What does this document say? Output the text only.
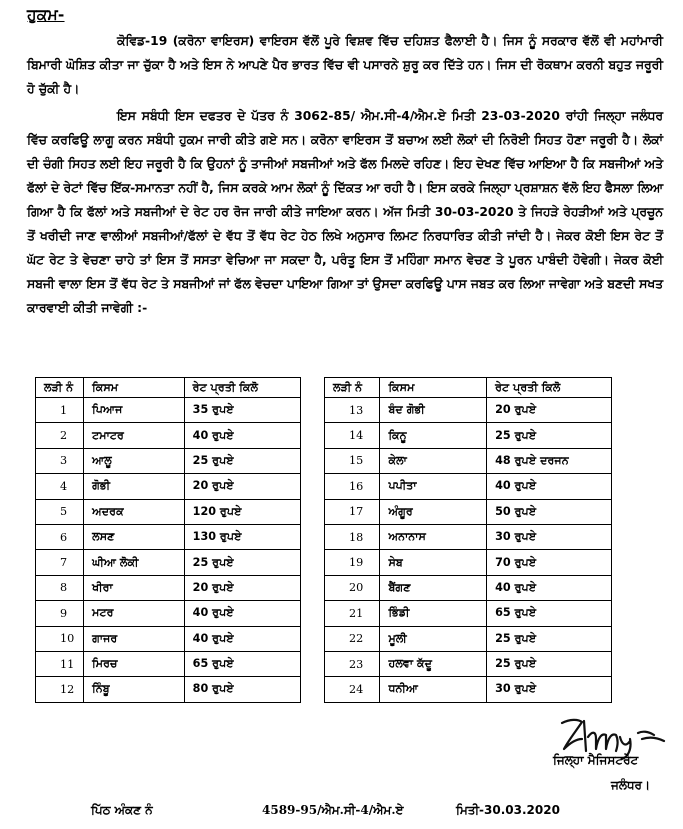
ਹੁਕਮ-
ਕੋਵਿਡ-19 (ਕਰੋਨਾ ਵਾਇਰਸ) ਵਾਇਰਸ ਵੱਲੋਂ ਪੂਰੇ ਵਿਸ਼ਵ ਵਿੱਚ ਦਹਿਸ਼ਤ ਫੈਲਾਈ ਹੈ। ਜਿਸ ਨੂੰ ਸਰਕਾਰ ਵੱਲੋਂ ਵੀ ਮਹਾਂਮਾਰੀ ਬਿਮਾਰੀ ਘੋਸ਼ਿਤ ਕੀਤਾ ਜਾ ਚੁੱਕਾ ਹੈ ਅਤੇ ਇਸ ਨੇ ਆਪਣੇ ਪੈਰ ਭਾਰਤ ਵਿੱਚ ਵੀ ਪਸਾਰਨੇ ਸ਼ੁਰੂ ਕਰ ਦਿੱਤੇ ਹਨ। ਜਿਸ ਦੀ ਰੋਕਥਾਮ ਕਰਨੀ ਬਹੁਤ ਜਰੂਰੀ ਹੋ ਚੁੱਕੀ ਹੈ।
ਇਸ ਸਬੰਧੀ ਇਸ ਦਫਤਰ ਦੇ ਪੱਤਰ ਨੰ 3062-85/ ਐਮ.ਸੀ-4/ਐਮ.ਏ ਮਿਤੀ 23-03-2020 ਰਾਂਹੀ ਜਿਲ੍ਹਾ ਜਲੰਧਰ ਵਿੱਚ ਕਰਫਿਊ ਲਾਗੂ ਕਰਨ ਸਬੰਧੀ ਹੁਕਮ ਜਾਰੀ ਕੀਤੇ ਗਏ ਸਨ। ਕਰੋਨਾ ਵਾਇਰਸ ਤੋਂ ਬਚਾਅ ਲਈ ਲੋਕਾਂ ਦੀ ਨਿਰੋਈ ਸਿਹਤ ਹੋਣਾ ਜਰੂਰੀ ਹੈ। ਲੋਕਾਂ ਦੀ ਚੰਗੀ ਸਿਹਤ ਲਈ ਇਹ ਜਰੂਰੀ ਹੈ ਕਿ ਉਹਨਾਂ ਨੂੰ ਤਾਜੀਆਂ ਸਬਜੀਆਂ ਅਤੇ ਫੱਲ ਮਿਲਦੇ ਰਹਿਣ। ਇਹ ਦੇਖਣ ਵਿੱਚ ਆਇਆ ਹੈ ਕਿ ਸਬਜੀਆਂ ਅਤੇ ਫੱਲਾਂ ਦੇ ਰੇਟਾਂ ਵਿੱਚ ਇੱਕ-ਸਮਾਨਤਾ ਨਹੀਂ ਹੈ, ਜਿਸ ਕਰਕੇ ਆਮ ਲੋਕਾਂ ਨੂੰ ਦਿੱਕਤ ਆ ਰਹੀ ਹੈ। ਇਸ ਕਰਕੇ ਜਿਲ੍ਹਾ ਪ੍ਰਸ਼ਾਸ਼ਨ ਵੱਲੋ ਇਹ ਫੈਸਲਾ ਲਿਆ ਗਿਆ ਹੈ ਕਿ ਫੱਲਾਂ ਅਤੇ ਸਬਜੀਆਂ ਦੇ ਰੇਟ ਹਰ ਰੋਜ ਜਾਰੀ ਕੀਤੇ ਜਾਇਆ ਕਰਨ। ਅੱਜ ਮਿਤੀ 30-03-2020 ਤੇ ਜਿਹੜੇ ਰੇਹੜੀਆਂ ਅਤੇ ਪ੍ਰਚੂਨ ਤੋਂ ਖਰੀਦੀ ਜਾਣ ਵਾਲੀਆਂ ਸਬਜੀਆਂ/ਫੱਲਾਂ ਦੇ ਵੱਧ ਤੋਂ ਵੱਧ ਰੇਟ ਹੇਠ ਲਿਖੇ ਅਨੁਸਾਰ ਲਿਮਟ ਨਿਰਧਾਰਿਤ ਕੀਤੀ ਜਾਂਦੀ ਹੈ। ਜੇਕਰ ਕੋਈ ਇਸ ਰੇਟ ਤੋਂ ਘੱਟ ਰੇਟ ਤੇ ਵੇਚਣਾ ਚਾਹੇ ਤਾਂ ਇਸ ਤੋਂ ਸਸਤਾ ਵੇਚਿਆ ਜਾ ਸਕਦਾ ਹੈ, ਪਰੰਤੂ ਇਸ ਤੋਂ ਮਹਿੰਗਾ ਸਮਾਨ ਵੇਚਣ ਤੇ ਪੂਰਨ ਪਾਬੰਦੀ ਹੋਵੇਗੀ। ਜੇਕਰ ਕੋਈ ਸਬਜੀ ਵਾਲਾ ਇਸ ਤੋਂ ਵੱਧ ਰੇਟ ਤੇ ਸਬਜੀਆਂ ਜਾਂ ਫੱਲ ਵੇਚਦਾ ਪਾਇਆ ਗਿਆ ਤਾਂ ਉਸਦਾ ਕਰਫਿਊ ਪਾਸ ਜਬਤ ਕਰ ਲਿਆ ਜਾਵੇਗਾ ਅਤੇ ਬਣਦੀ ਸਖਤ ਕਾਰਵਾਈ ਕੀਤੀ ਜਾਵੇਗੀ :-
ਲੜੀ ਨੰ	ਕਿਸਮ	ਰੇਟ ਪ੍ਰਤੀ ਕਿਲੋ		ਲੜੀ ਨੰ	ਕਿਸਮ	ਰੇਟ ਪ੍ਰਤੀ ਕਿਲੋ
1	ਪਿਆਜ	35 ਰੁਪਏ		13	ਬੰਦ ਗੋਭੀ	20 ਰੁਪਏ
2	ਟਮਾਟਰ	40 ਰੁਪਏ		14	ਕਿਨੂ	25 ਰੁਪਏ
3	ਆਲੂ	25 ਰੁਪਏ		15	ਕੇਲਾ	48 ਰੁਪਏ ਦਰਜਨ
4	ਗੋਭੀ	20 ਰੁਪਏ		16	ਪਪੀਤਾ	40 ਰੁਪਏ
5	ਅਦਰਕ	120 ਰੁਪਏ		17	ਅੰਗੂਰ	50 ਰੁਪਏ
6	ਲਸਣ	130 ਰੁਪਏ		18	ਅਨਾਨਾਸ	30 ਰੁਪਏ
7	ਘੀਆ ਲੋਕੀ	25 ਰੁਪਏ		19	ਸੇਬ	70 ਰੁਪਏ
8	ਖੀਰਾ	20 ਰੁਪਏ		20	ਬੈਂਗਣ	40 ਰੁਪਏ
9	ਮਟਰ	40 ਰੁਪਏ		21	ਭਿੰਡੀ	65 ਰੁਪਏ
10	ਗਾਜਰ	40 ਰੁਪਏ		22	ਮੂਲੀ	25 ਰੁਪਏ
11	ਮਿਰਚ	65 ਰੁਪਏ		23	ਹਲਵਾ ਕੱਦੂ	25 ਰੁਪਏ
12	ਨਿੰਬੂ	80 ਰੁਪਏ		24	ਧਨੀਆ	30 ਰੁਪਏ
ਜਿਲ੍ਹਾ ਮੈਜਿਸਟਰੇਟ
ਜਲੰਧਰ।
ਪਿੱਠ ਅੰਕਣ ਨੰ	4589-95/ਐਮ.ਸੀ-4/ਐਮ.ਏ	ਮਿਤੀ-30.03.2020
